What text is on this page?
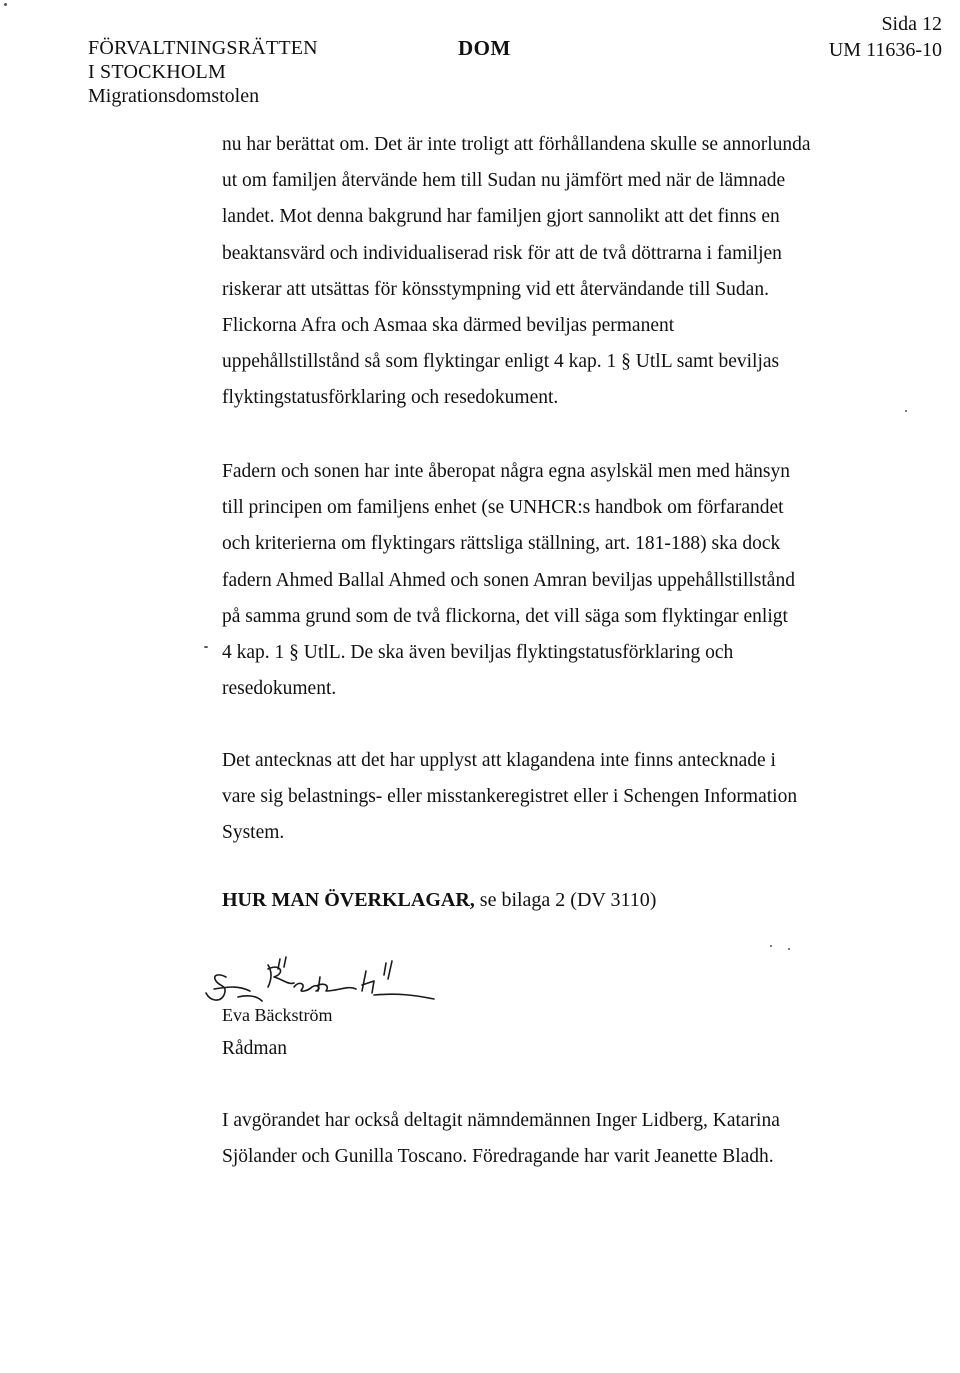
FÖRVALTNINGSRÄTTEN
I STOCKHOLM
Migrationsdomstolen
DOM
Sida 12
UM 11636-10
nu har berättat om. Det är inte troligt att förhållandena skulle se annorlunda
ut om familjen återvände hem till Sudan nu jämfört med när de lämnade
landet. Mot denna bakgrund har familjen gjort sannolikt att det finns en
beaktansvärd och individualiserad risk för att de två döttrarna i familjen
riskerar att utsättas för könsstympning vid ett återvändande till Sudan.
Flickorna Afra och Asmaa ska därmed beviljas permanent
uppehållstillstånd så som flyktingar enligt 4 kap. 1 § UtlL samt beviljas
flyktingstatusförklaring och resedokument.
Fadern och sonen har inte åberopat några egna asylskäl men med hänsyn
till principen om familjens enhet (se UNHCR:s handbok om förfarandet
och kriterierna om flyktingars rättsliga ställning, art. 181-188) ska dock
fadern Ahmed Ballal Ahmed och sonen Amran beviljas uppehållstillstånd
på samma grund som de två flickorna, det vill säga som flyktingar enligt
4 kap. 1 § UtlL. De ska även beviljas flyktingstatusförklaring och
resedokument.
Det antecknas att det har upplyst att klagandena inte finns antecknade i
vare sig belastnings- eller misstankeregistret eller i Schengen Information
System.
HUR MAN ÖVERKLAGAR, se bilaga 2 (DV 3110)
Eva Bäckström
Rådman
I avgörandet har också deltagit nämndemännen Inger Lidberg, Katarina
Sjölander och Gunilla Toscano. Föredragande har varit Jeanette Bladh.
